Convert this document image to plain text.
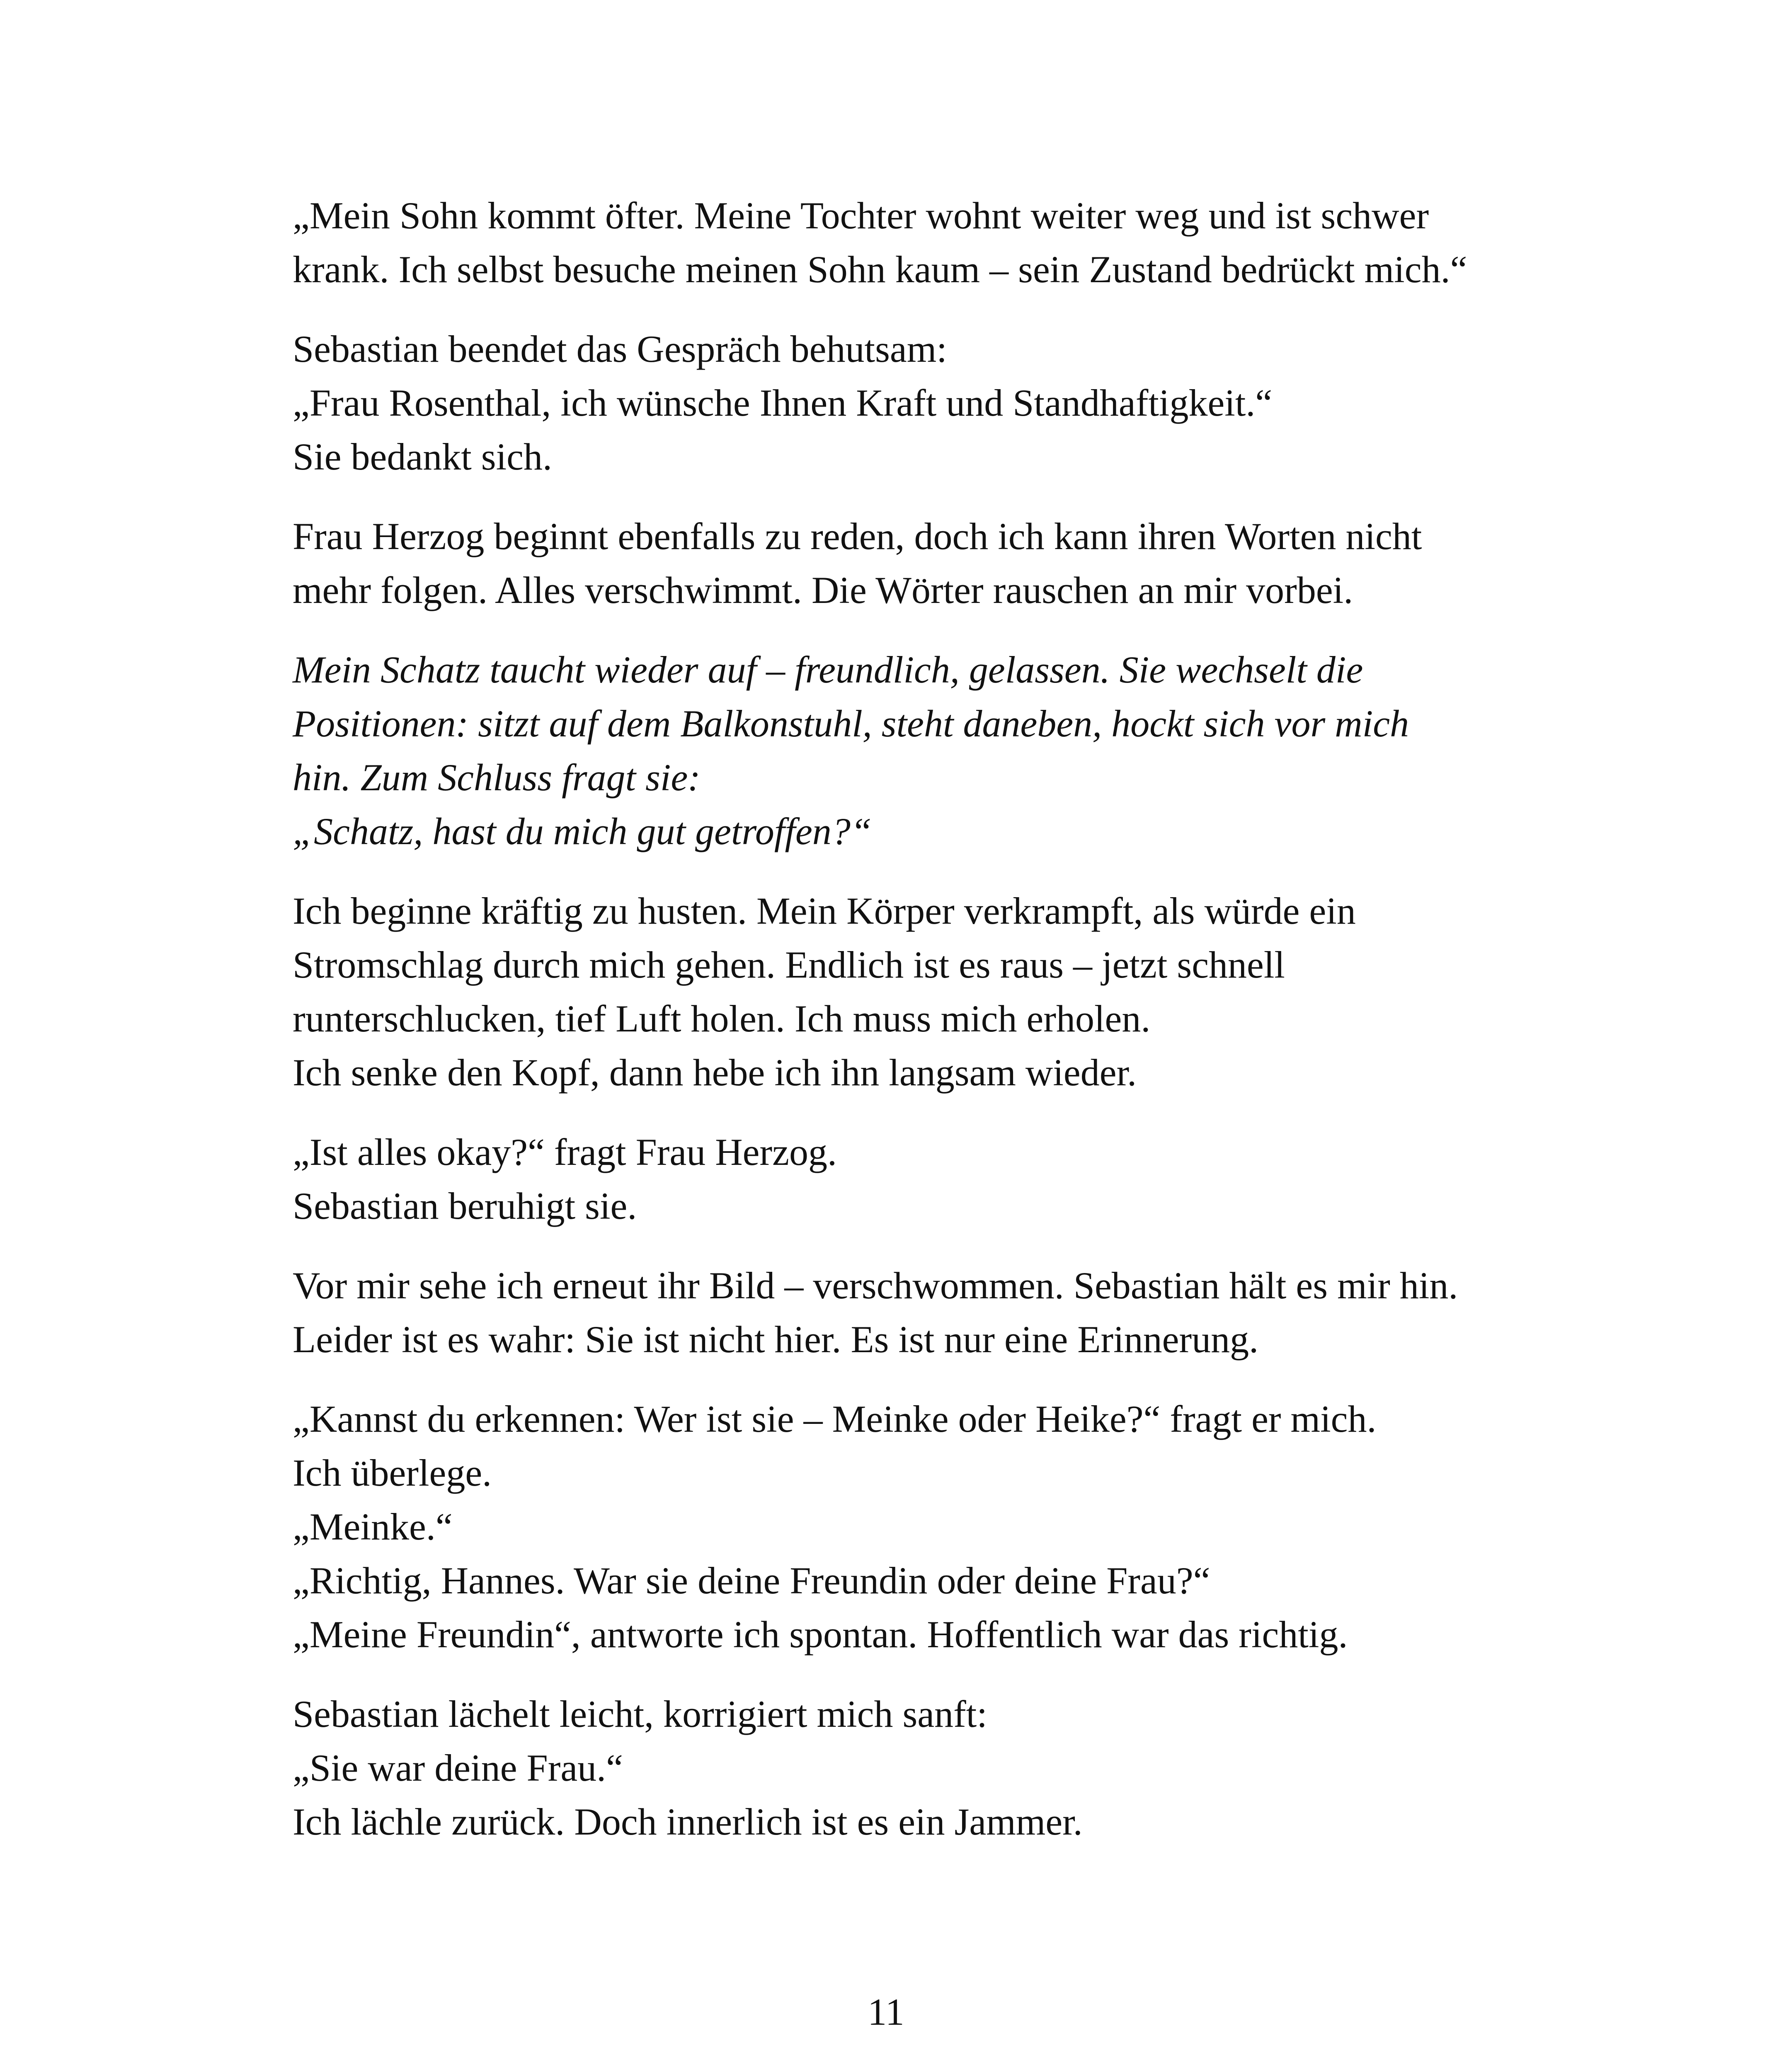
„Mein Sohn kommt öfter. Meine Tochter wohnt weiter weg und ist schwer
krank. Ich selbst besuche meinen Sohn kaum – sein Zustand bedrückt mich.“

Sebastian beendet das Gespräch behutsam:
„Frau Rosenthal, ich wünsche Ihnen Kraft und Standhaftigkeit.“
Sie bedankt sich.

Frau Herzog beginnt ebenfalls zu reden, doch ich kann ihren Worten nicht
mehr folgen. Alles verschwimmt. Die Wörter rauschen an mir vorbei.

Mein Schatz taucht wieder auf – freundlich, gelassen. Sie wechselt die
Positionen: sitzt auf dem Balkonstuhl, steht daneben, hockt sich vor mich
hin. Zum Schluss fragt sie:
„Schatz, hast du mich gut getroffen?“

Ich beginne kräftig zu husten. Mein Körper verkrampft, als würde ein
Stromschlag durch mich gehen. Endlich ist es raus – jetzt schnell
runterschlucken, tief Luft holen. Ich muss mich erholen.
Ich senke den Kopf, dann hebe ich ihn langsam wieder.

„Ist alles okay?“ fragt Frau Herzog.
Sebastian beruhigt sie.

Vor mir sehe ich erneut ihr Bild – verschwommen. Sebastian hält es mir hin.
Leider ist es wahr: Sie ist nicht hier. Es ist nur eine Erinnerung.

„Kannst du erkennen: Wer ist sie – Meinke oder Heike?“ fragt er mich.
Ich überlege.
„Meinke.“
„Richtig, Hannes. War sie deine Freundin oder deine Frau?“
„Meine Freundin“, antworte ich spontan. Hoffentlich war das richtig.

Sebastian lächelt leicht, korrigiert mich sanft:
„Sie war deine Frau.“
Ich lächle zurück. Doch innerlich ist es ein Jammer.

11
